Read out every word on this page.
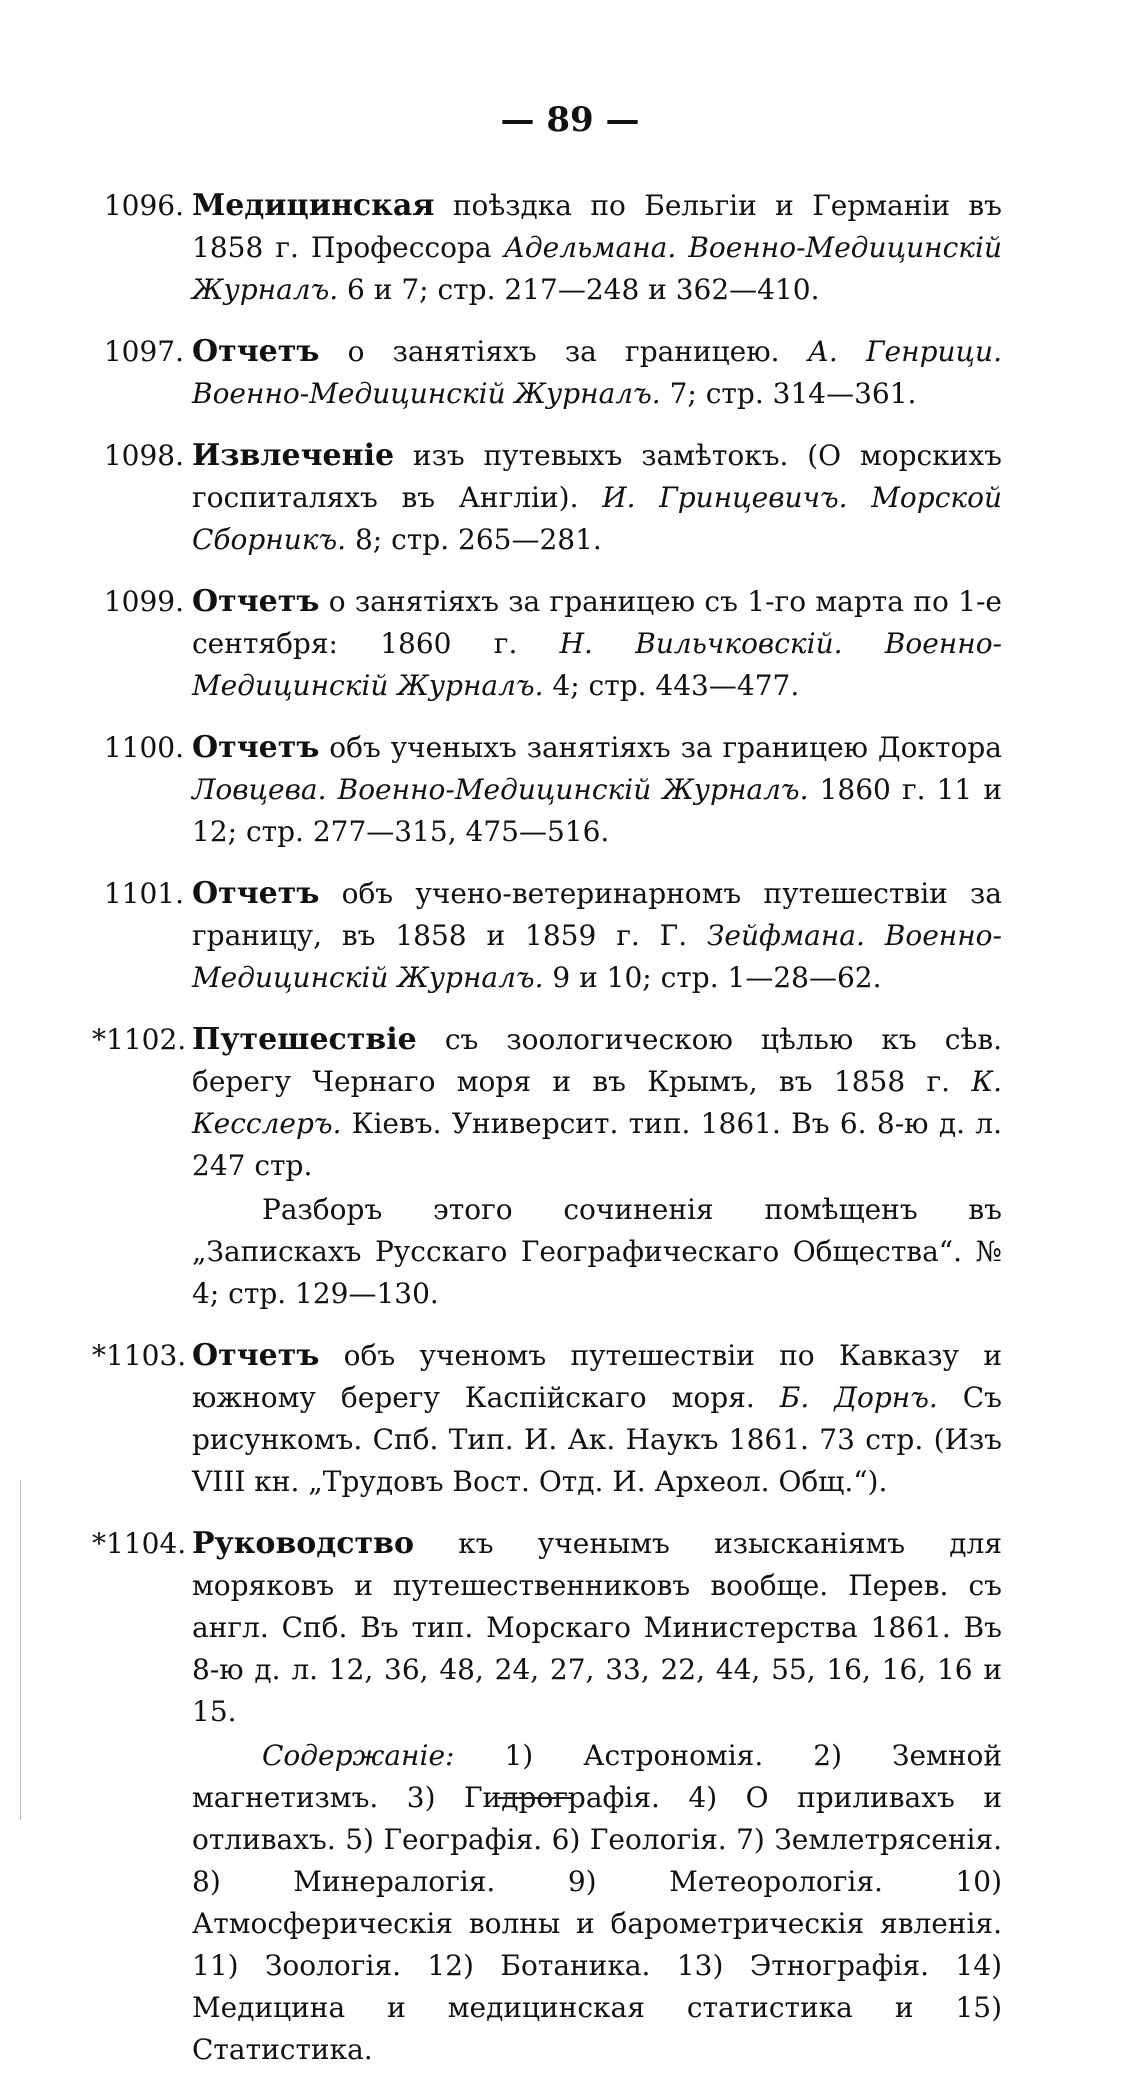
— 89 —
1096. Медицинская поѣздка по Бельгіи и Германіи въ 1858 г. Профессора Адельмана. Военно-Медицинскій Журналъ. 6 и 7; стр. 217—248 и 362—410.
1097. Отчетъ о занятіяхъ за границею. А. Генрици. Военно-Медицинскій Журналъ. 7; стр. 314—361.
1098. Извлеченіе изъ путевыхъ замѣтокъ. (О морскихъ госпиталяхъ въ Англіи). И. Гринцевичъ. Морской Сборникъ. 8; стр. 265—281.
1099. Отчетъ о занятіяхъ за границею съ 1-го марта по 1-е сентября: 1860 г. Н. Вильчковскій. Военно-Медицинскій Журналъ. 4; стр. 443—477.
1100. Отчетъ объ ученыхъ занятіяхъ за границею Доктора Ловцева. Военно-Медицинскій Журналъ. 1860 г. 11 и 12; стр. 277—315, 475—516.
1101. Отчетъ объ учено-ветеринарномъ путешествіи за границу, въ 1858 и 1859 г. Г. Зейфмана. Военно-Медицинскій Журналъ. 9 и 10; стр. 1—28—62.
*1102. Путешествіе съ зоологическою цѣлью къ сѣв. берегу Чернаго моря и въ Крымъ, въ 1858 г. К. Кесслеръ. Кіевъ. Университ. тип. 1861. Въ 6. 8-ю д. л. 247 стр.
Разборъ этого сочиненія помѣщенъ въ „Запискахъ Русскаго Географическаго Общества“. № 4; стр. 129—130.
*1103. Отчетъ объ ученомъ путешествіи по Кавказу и южному берегу Каспійскаго моря. Б. Дорнъ. Съ рисункомъ. Спб. Тип. И. Ак. Наукъ 1861. 73 стр. (Изъ VIII кн. „Трудовъ Вост. Отд. И. Археол. Общ.“).
*1104. Руководство къ ученымъ изысканіямъ для моряковъ и путешественниковъ вообще. Перев. съ англ. Спб. Въ тип. Морскаго Министерства 1861. Въ 8-ю д. л. 12, 36, 48, 24, 27, 33, 22, 44, 55, 16, 16, 16 и 15.
Содержаніе: 1) Астрономія. 2) Земной магнетизмъ. 3) Гидрографія. 4) О приливахъ и отливахъ. 5) Географія. 6) Геологія. 7) Землетрясенія. 8) Минералогія. 9) Метеорологія. 10) Атмосферическія волны и барометрическія явленія. 11) Зоологія. 12) Ботаника. 13) Этнографія. 14) Медицина и медицинская статистика и 15) Статистика.
